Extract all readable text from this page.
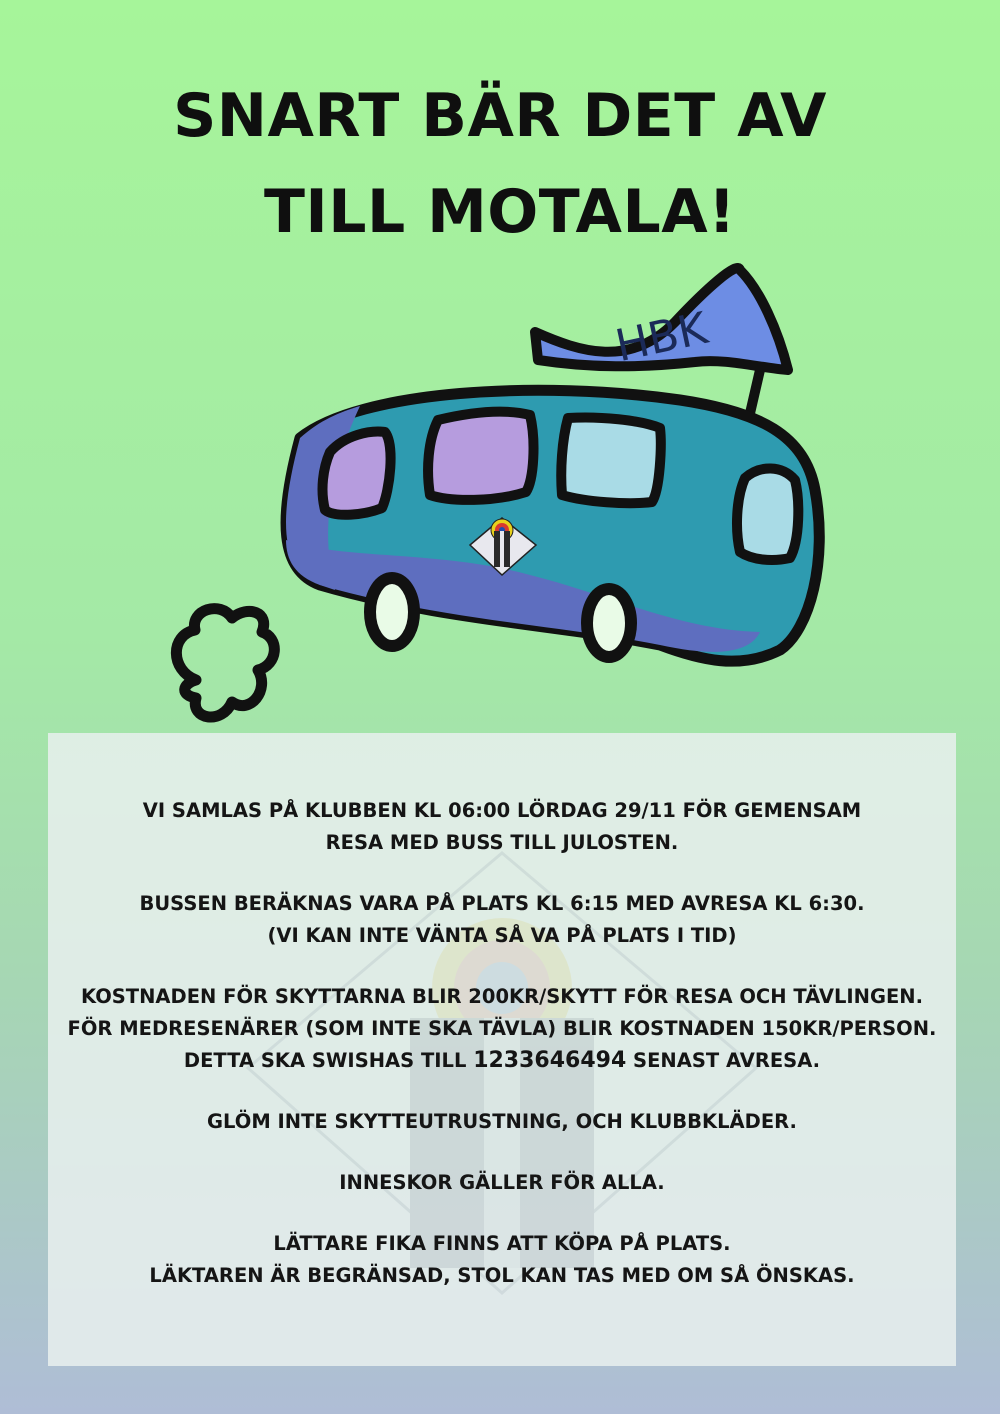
SNART BÄR DET AV
TILL MOTALA!
HBK
VI SAMLAS PÅ KLUBBEN KL 06:00 LÖRDAG 29/11 FÖR GEMENSAM
RESA MED BUSS TILL JULOSTEN.
BUSSEN BERÄKNAS VARA PÅ PLATS KL 6:15 MED AVRESA KL 6:30.
(VI KAN INTE VÄNTA SÅ VA PÅ PLATS I TID)
KOSTNADEN FÖR SKYTTARNA BLIR 200KR/SKYTT FÖR RESA OCH TÄVLINGEN.
FÖR MEDRESENÄRER (SOM INTE SKA TÄVLA) BLIR KOSTNADEN 150KR/PERSON.
DETTA SKA SWISHAS TILL 1233646494 SENAST AVRESA.
GLÖM INTE SKYTTEUTRUSTNING, OCH KLUBBKLÄDER.
INNESKOR GÄLLER FÖR ALLA.
LÄTTARE FIKA FINNS ATT KÖPA PÅ PLATS.
LÄKTAREN ÄR BEGRÄNSAD, STOL KAN TAS MED OM SÅ ÖNSKAS.
